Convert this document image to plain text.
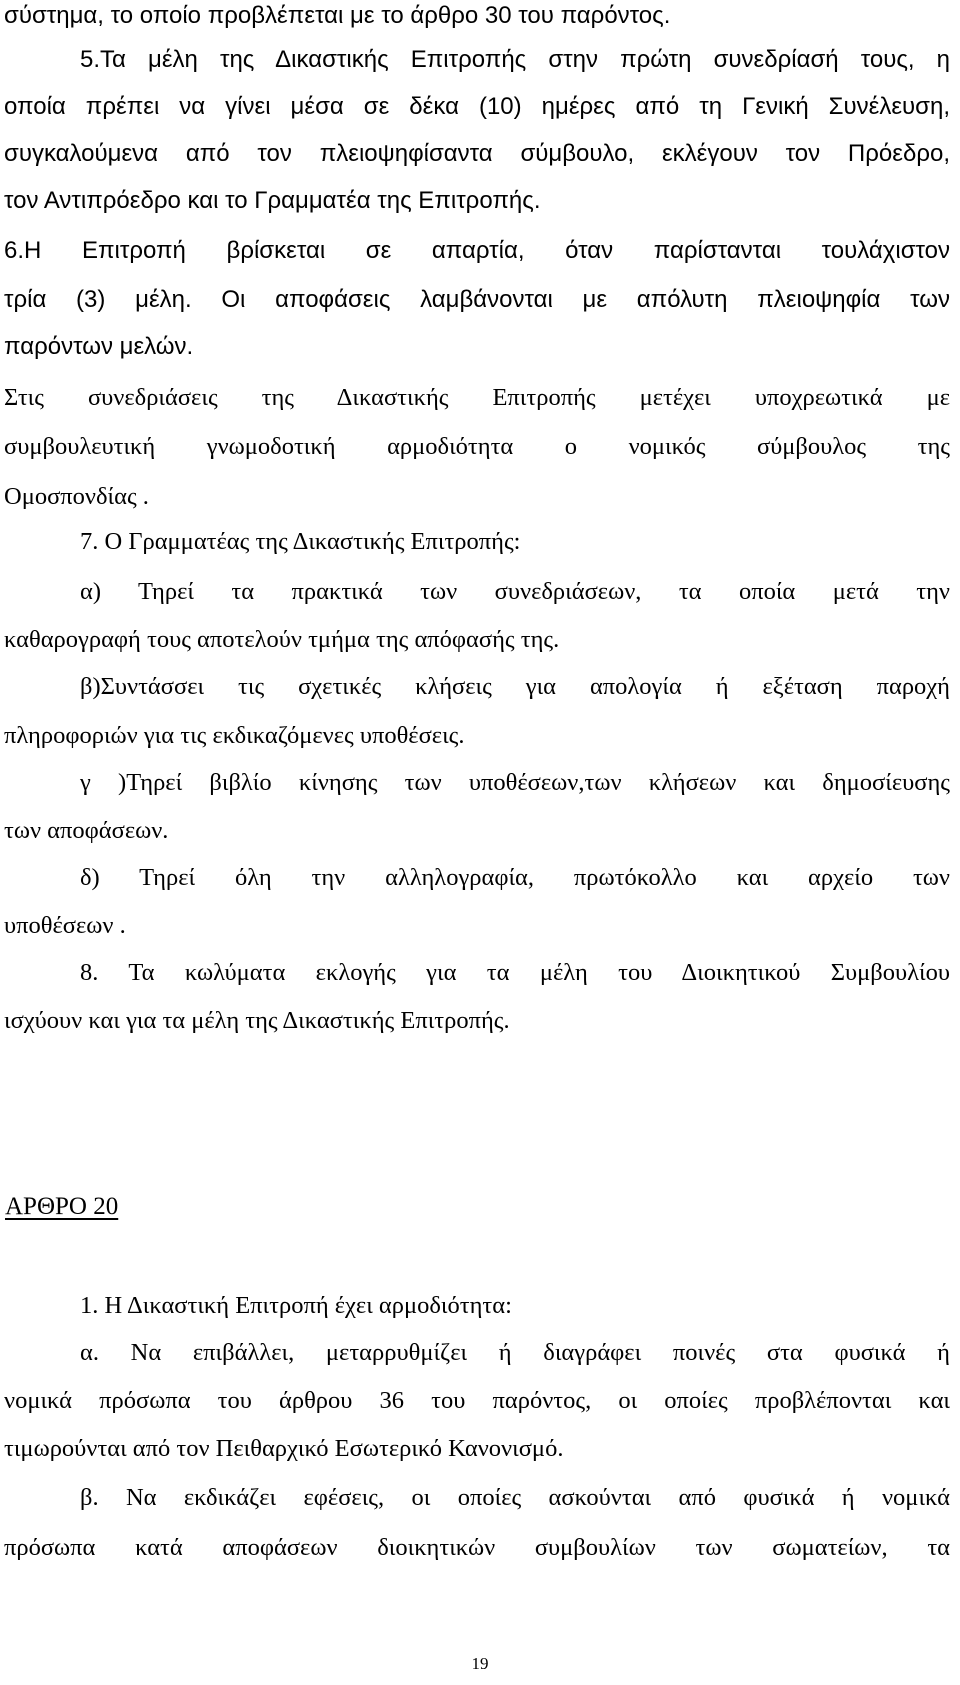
σύστημα, το οποίο προβλέπεται με το άρθρο 30 του παρόντος.
5.Τα μέλη της Δικαστικής Επιτροπής στην πρώτη συνεδρίασή τους, η
οποία πρέπει να γίνει μέσα σε δέκα (10) ημέρες από τη Γενική Συνέλευση,
συγκαλούμενα από τον πλειοψηφίσαντα σύμβουλο, εκλέγουν τον Πρόεδρο,
τον Αντιπρόεδρο και το Γραμματέα της Επιτροπής.
6.Η Επιτροπή βρίσκεται σε απαρτία, όταν παρίστανται τουλάχιστον
τρία (3) μέλη. Οι αποφάσεις λαμβάνονται με απόλυτη πλειοψηφία των
παρόντων μελών.
Στις συνεδριάσεις της Δικαστικής Επιτροπής μετέχει υποχρεωτικά με
συμβουλευτική γνωμοδοτική αρμοδιότητα ο νομικός σύμβουλος της
Ομοσπονδίας .
7. Ο Γραμματέας της Δικαστικής Επιτροπής:
α) Τηρεί τα πρακτικά των συνεδριάσεων, τα οποία μετά την
καθαρογραφή τους αποτελούν τμήμα της απόφασής της.
β)Συντάσσει τις σχετικές κλήσεις για απολογία ή εξέταση παροχή
πληροφοριών για τις εκδικαζόμενες υποθέσεις.
γ )Τηρεί βιβλίο κίνησης των υποθέσεων,των κλήσεων και δημοσίευσης
των αποφάσεων.
δ) Τηρεί όλη την αλληλογραφία, πρωτόκολλο και αρχείο των
υποθέσεων .
8. Τα κωλύματα εκλογής για τα μέλη του Διοικητικού Συμβουλίου
ισχύουν και για τα μέλη της Δικαστικής Επιτροπής.
ΑΡΘΡΟ 20
1. Η Δικαστική Επιτροπή έχει αρμοδιότητα:
α. Να επιβάλλει, μεταρρυθμίζει ή διαγράφει ποινές στα φυσικά ή
νομικά πρόσωπα του άρθρου 36 του παρόντος, οι οποίες προβλέπονται και
τιμωρούνται από τον Πειθαρχικό Εσωτερικό Κανονισμό.
β. Να εκδικάζει εφέσεις, οι οποίες ασκούνται από φυσικά ή νομικά
πρόσωπα κατά αποφάσεων διοικητικών συμβουλίων των σωματείων, τα
19
